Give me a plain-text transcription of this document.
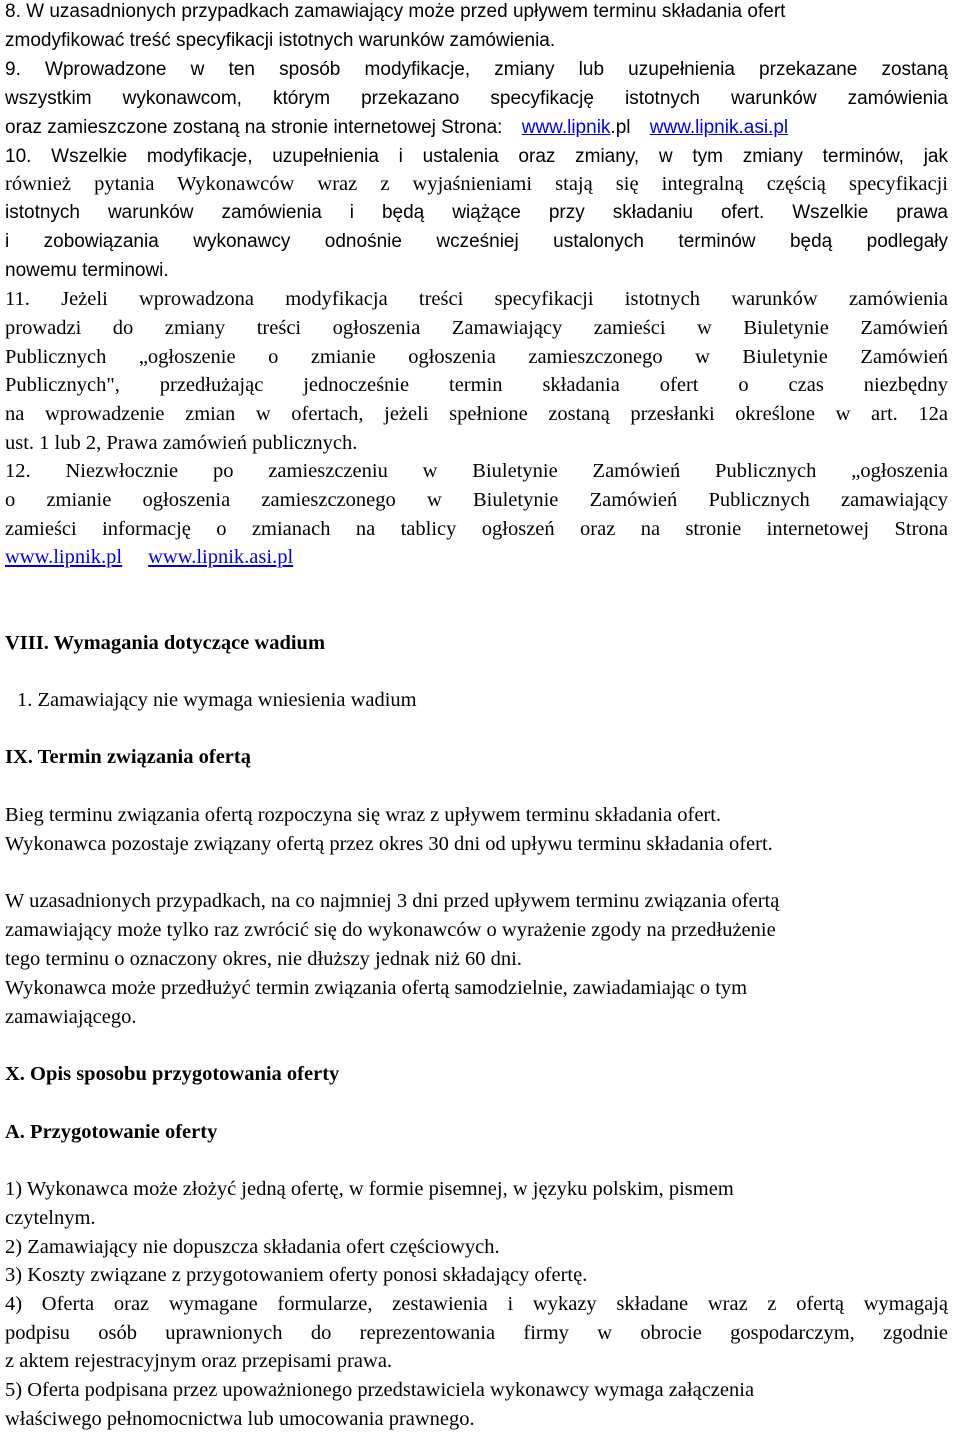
8. W uzasadnionych przypadkach zamawiający może przed upływem terminu składania ofert

zmodyfikować treść specyfikacji istotnych warunków zamówienia.

9. Wprowadzone w ten sposób modyfikacje, zmiany lub uzupełnienia przekazane zostaną

wszystkim wykonawcom, którym przekazano specyfikację istotnych warunków zamówienia

oraz zamieszczone zostaną na stronie internetowej Strona: www.lipnik.pl www.lipnik.asi.pl

10. Wszelkie modyfikacje, uzupełnienia i ustalenia oraz zmiany, w tym zmiany terminów, jak

również pytania Wykonawców wraz z wyjaśnieniami stają się integralną częścią specyfikacji

istotnych warunków zamówienia i będą wiążące przy składaniu ofert. Wszelkie prawa

i zobowiązania wykonawcy odnośnie wcześniej ustalonych terminów będą podlegały

nowemu terminowi.

11. Jeżeli wprowadzona modyfikacja treści specyfikacji istotnych warunków zamówienia

prowadzi do zmiany treści ogłoszenia Zamawiający zamieści w Biuletynie Zamówień

Publicznych „ogłoszenie o zmianie ogłoszenia zamieszczonego w Biuletynie Zamówień

Publicznych", przedłużając jednocześnie termin składania ofert o czas niezbędny

na wprowadzenie zmian w ofertach, jeżeli spełnione zostaną przesłanki określone w art. 12a

ust. 1 lub 2, Prawa zamówień publicznych.

12. Niezwłocznie po zamieszczeniu w Biuletynie Zamówień Publicznych „ogłoszenia

o zmianie ogłoszenia zamieszczonego w Biuletynie Zamówień Publicznych zamawiający

zamieści informację o zmianach na tablicy ogłoszeń oraz na stronie internetowej Strona

www.lipnik.pl www.lipnik.asi.pl

VIII. Wymagania dotyczące wadium

1. Zamawiający nie wymaga wniesienia wadium

IX. Termin związania ofertą

Bieg terminu związania ofertą rozpoczyna się wraz z upływem terminu składania ofert.

Wykonawca pozostaje związany ofertą przez okres 30 dni od upływu terminu składania ofert.

W uzasadnionych przypadkach, na co najmniej 3 dni przed upływem terminu związania ofertą

zamawiający może tylko raz zwrócić się do wykonawców o wyrażenie zgody na przedłużenie

tego terminu o oznaczony okres, nie dłuższy jednak niż 60 dni.

Wykonawca może przedłużyć termin związania ofertą samodzielnie, zawiadamiając o tym

zamawiającego.

X. Opis sposobu przygotowania oferty

A. Przygotowanie oferty

1) Wykonawca może złożyć jedną ofertę, w formie pisemnej, w języku polskim, pismem

czytelnym.

2) Zamawiający nie dopuszcza składania ofert częściowych.

3) Koszty związane z przygotowaniem oferty ponosi składający ofertę.

4) Oferta oraz wymagane formularze, zestawienia i wykazy składane wraz z ofertą wymagają

podpisu osób uprawnionych do reprezentowania firmy w obrocie gospodarczym, zgodnie

z aktem rejestracyjnym oraz przepisami prawa.

5) Oferta podpisana przez upoważnionego przedstawiciela wykonawcy wymaga załączenia

właściwego pełnomocnictwa lub umocowania prawnego.
